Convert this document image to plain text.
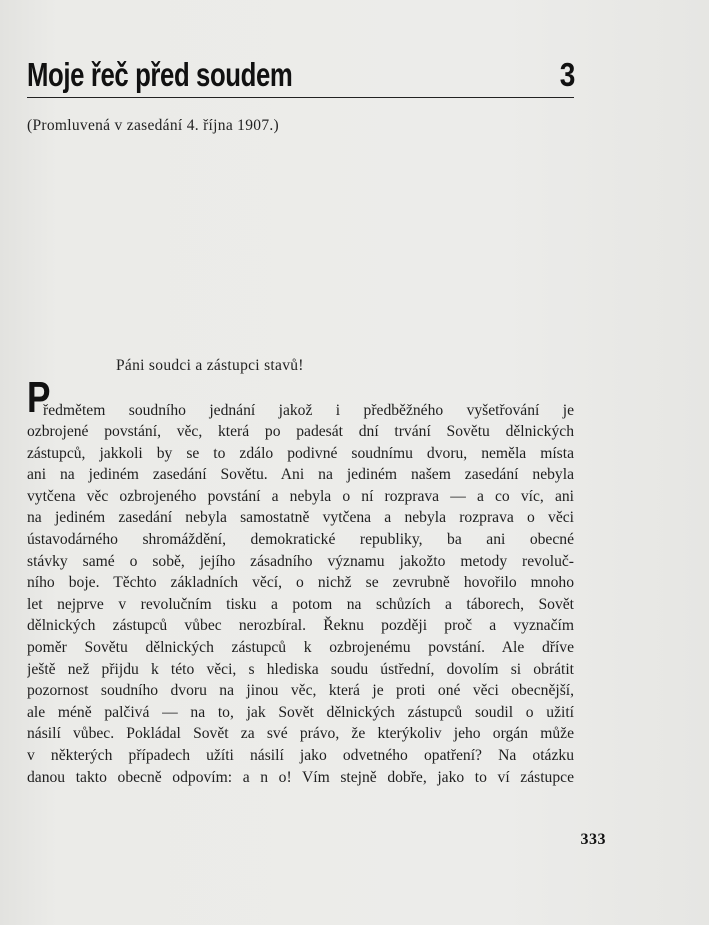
Moje řeč před soudem	3
(Promluvená v zasedání 4. října 1907.)
Páni soudci a zástupci stavů!
P
ředmětem soudního jednání jakož i předběžného vyšetřování je
ozbrojené povstání, věc, která po padesát dní trvání Sovětu dělnických
zástupců, jakkoli by se to zdálo podivné soudnímu dvoru, neměla místa
ani na jediném zasedání Sovětu. Ani na jediném našem zasedání nebyla
vytčena věc ozbrojeného povstání a nebyla o ní rozprava — a co víc, ani
na jediném zasedání nebyla samostatně vytčena a nebyla rozprava o věci
ústavodárného shromáždění, demokratické republiky, ba ani obecné
stávky samé o sobě, jejího zásadního významu jakožto metody revoluč-
ního boje. Těchto základních věcí, o nichž se zevrubně hovořilo mnoho
let nejprve v revolučním tisku a potom na schůzích a táborech, Sovět
dělnických zástupců vůbec nerozbíral. Řeknu později proč a vyznačím
poměr Sovětu dělnických zástupců k ozbrojenému povstání. Ale dříve
ještě než přijdu k této věci, s hlediska soudu ústřední, dovolím si obrátit
pozornost soudního dvoru na jinou věc, která je proti oné věci obecnější,
ale méně palčivá — na to, jak Sovět dělnických zástupců soudil o užití
násilí vůbec. Pokládal Sovět za své právo, že kterýkoliv jeho orgán může
v některých případech užíti násilí jako odvetného opatření? Na otázku
danou takto obecně odpovím: a n o! Vím stejně dobře, jako to ví zástupce
333
